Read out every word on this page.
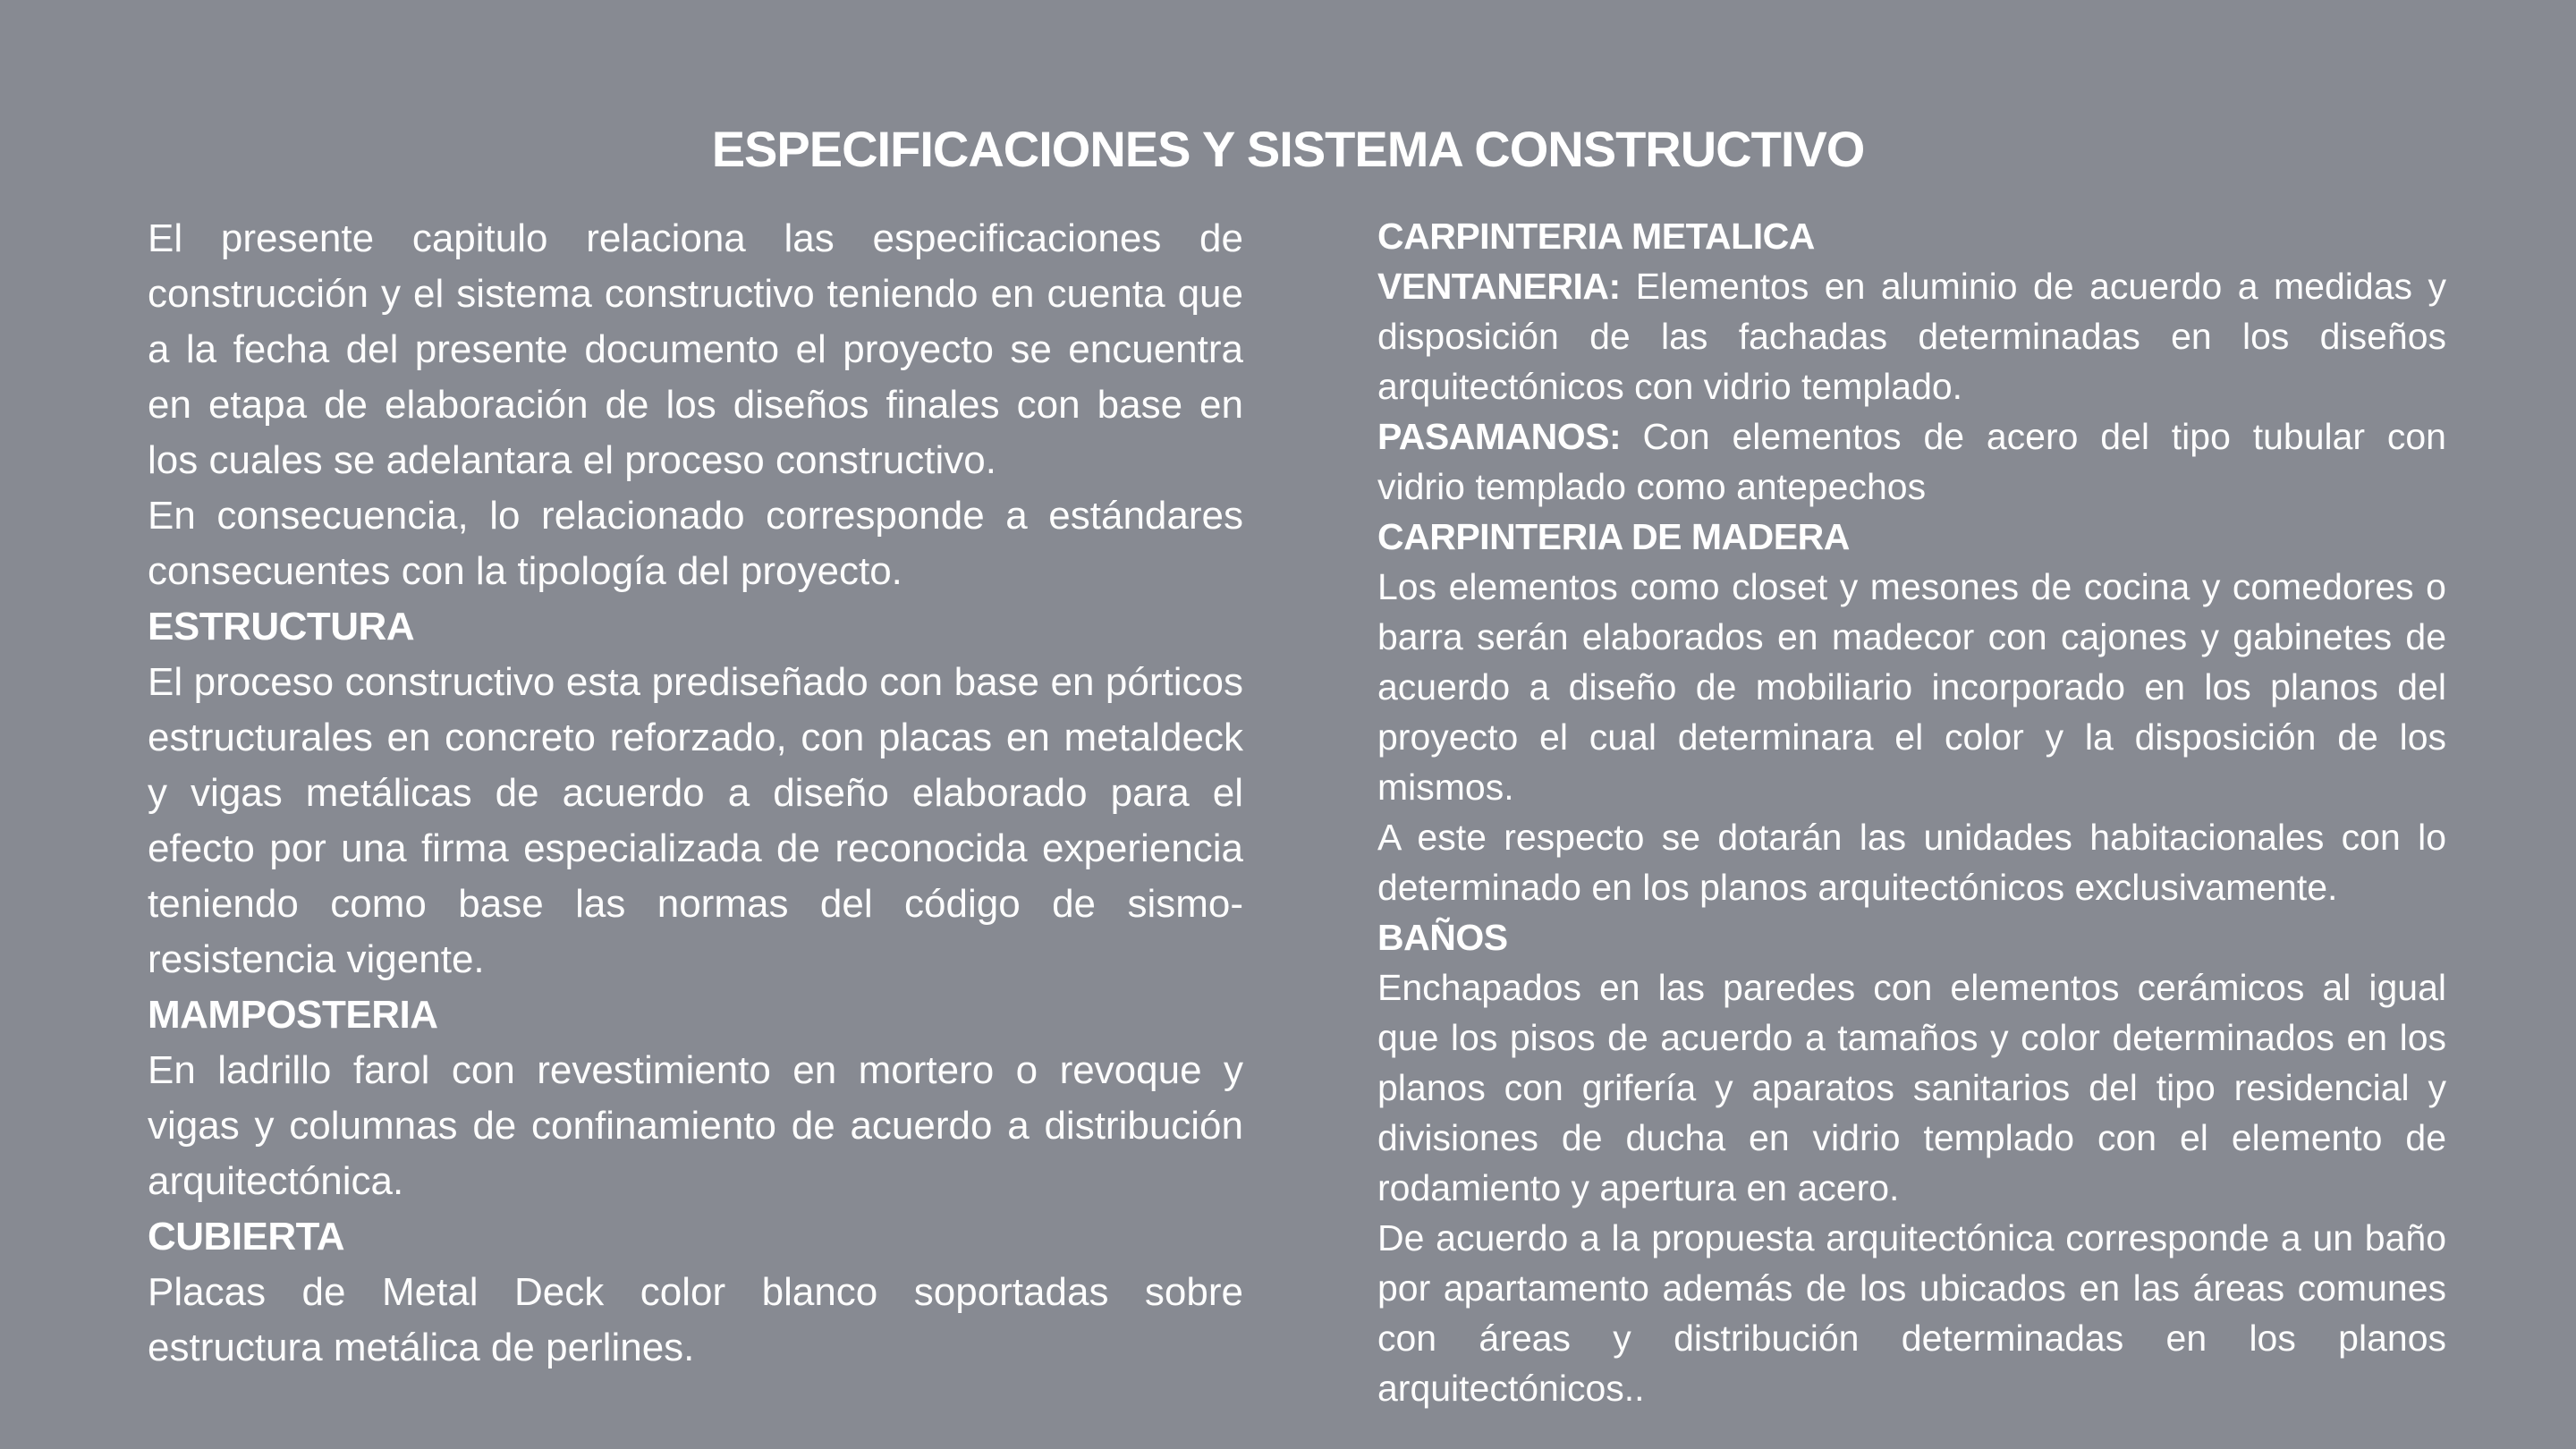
ESPECIFICACIONES Y SISTEMA CONSTRUCTIVO

El presente capitulo relaciona las especificaciones de construcción y el sistema constructivo teniendo en cuenta que a la fecha del presente documento el proyecto se encuentra en etapa de elaboración de los diseños finales con base en los cuales se adelantara el proceso constructivo.

En consecuencia, lo relacionado corresponde a estándares consecuentes con la tipología del proyecto.

ESTRUCTURA

El proceso constructivo esta prediseñado con base en pórticos estructurales en concreto reforzado, con placas en metaldeck y vigas metálicas de acuerdo a diseño elaborado para el efecto por una firma especializada de reconocida experiencia teniendo como base las normas del código de sismo- resistencia vigente.

MAMPOSTERIA

En ladrillo farol con revestimiento en mortero o revoque y vigas y columnas de confinamiento de acuerdo a distribución arquitectónica.

CUBIERTA

Placas de Metal Deck color blanco soportadas sobre estructura metálica de perlines.

CARPINTERIA METALICA

VENTANERIA: Elementos en aluminio de acuerdo a medidas y disposición de las fachadas determinadas en los diseños arquitectónicos con vidrio templado.

PASAMANOS: Con elementos de acero del tipo tubular con vidrio templado como antepechos

CARPINTERIA DE MADERA

Los elementos como closet y mesones de cocina y comedores o barra serán elaborados en madecor con cajones y gabinetes de acuerdo a diseño de mobiliario incorporado en los planos del proyecto el cual determinara el color y la disposición de los mismos.

A este respecto se dotarán las unidades habitacionales con lo determinado en los planos arquitectónicos exclusivamente.

BAÑOS

Enchapados en las paredes con elementos cerámicos al igual que los pisos de acuerdo a tamaños y color determinados en los planos con grifería y aparatos sanitarios del tipo residencial y divisiones de ducha en vidrio templado con el elemento de rodamiento y apertura en acero.

De acuerdo a la propuesta arquitectónica corresponde a un baño por apartamento además de los ubicados en las áreas comunes con áreas y distribución determinadas en los planos arquitectónicos..
